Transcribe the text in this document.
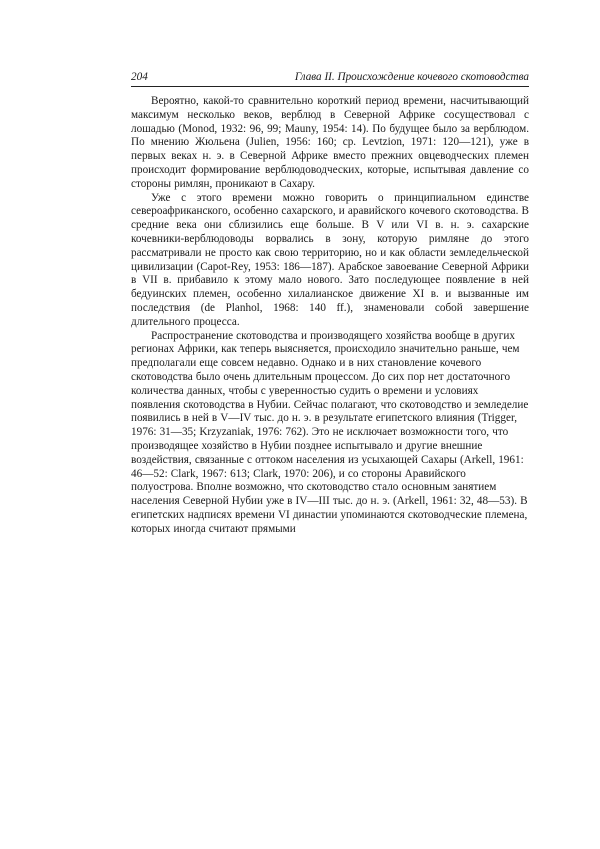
204	Глава II. Происхождение кочевого скотоводства

Вероятно, какой-то сравнительно короткий период времени, насчитывающий максимум несколько веков, верблюд в Северной Африке сосуществовал с лошадью (Monod, 1932: 96, 99; Mauny, 1954: 14). По будущее было за верблюдом. По мнению Жюльена (Julien, 1956: 160; ср. Levtzion, 1971: 120—121), уже в первых веках н. э. в Северной Африке вместо прежних овцеводческих племен происходит формирование верблюдоводческих, которые, испытывая давление со стороны римлян, проникают в Сахару.

Уже с этого времени можно говорить о принципиальном единстве североафриканского, особенно сахарского, и аравийского кочевого скотоводства. В средние века они сблизились еще больше. В V или VI в. н. э. сахарские кочевники-верблюдоводы ворвались в зону, которую римляне до этого рассматривали не просто как свою территорию, но и как области земледельческой цивилизации (Capot-Rey, 1953: 186—187). Арабское завоевание Северной Африки в VII в. прибавило к этому мало нового. Зато последующее появление в ней бедуинских племен, особенно хилалианское движение XI в. и вызванные им последствия (de Planhol, 1968: 140 ff.), знаменовали собой завершение длительного процесса.

Распространение скотоводства и производящего хозяйства вообще в других регионах Африки, как теперь выясняется, происходило значительно раньше, чем предполагали еще совсем недавно. Однако и в них становление кочевого скотоводства было очень длительным процессом. До сих пор нет достаточного количества данных, чтобы с уверенностью судить о времени и условиях появления скотоводства в Нубии. Сейчас полагают, что скотоводство и земледелие появились в ней в V—IV тыс. до н. э. в результате египетского влияния (Trigger, 1976: 31—35; Krzyzaniak, 1976: 762). Это не исключает возможности того, что производящее хозяйство в Нубии позднее испытывало и другие внешние воздействия, связанные с оттоком населения из усыхающей Сахары (Arkell, 1961: 46—52: Clark, 1967: 613; Clark, 1970: 206), и со стороны Аравийского полуострова. Вполне возможно, что скотоводство стало основным занятием населения Северной Нубии уже в IV—III тыс. до н. э. (Arkell, 1961: 32, 48—53). В египетских надписях времени VI династии упоминаются скотоводческие племена, которых иногда считают прямыми
